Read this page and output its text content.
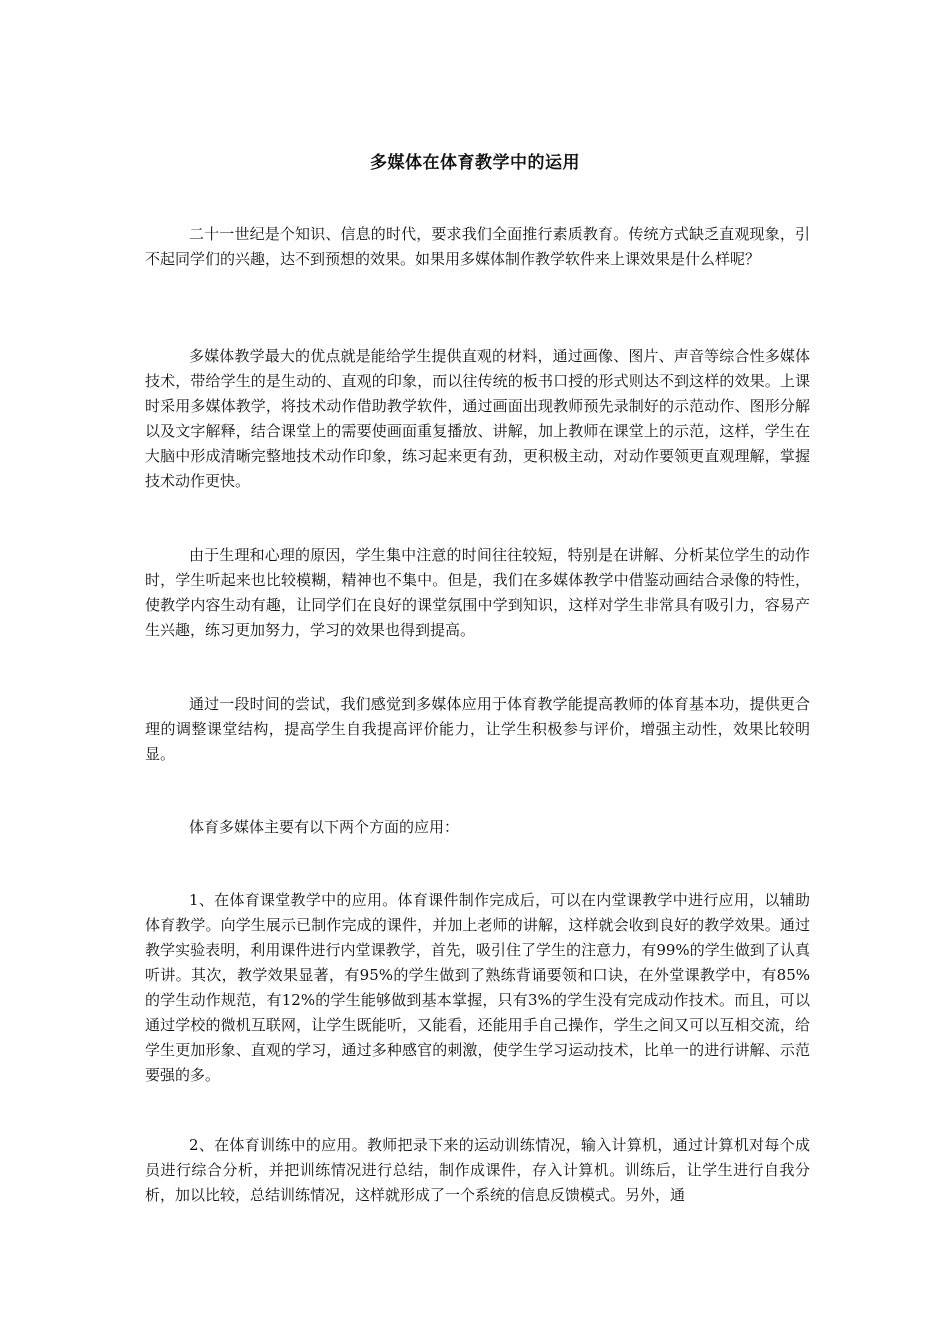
多媒体在体育教学中的运用

二十一世纪是个知识、信息的时代，要求我们全面推行素质教育。传统方式缺乏直观现象，引不起同学们的兴趣，达不到预想的效果。如果用多媒体制作教学软件来上课效果是什么样呢？

多媒体教学最大的优点就是能给学生提供直观的材料，通过画像、图片、声音等综合性多媒体技术，带给学生的是生动的、直观的印象，而以往传统的板书口授的形式则达不到这样的效果。上课时采用多媒体教学，将技术动作借助教学软件，通过画面出现教师预先录制好的示范动作、图形分解以及文字解释，结合课堂上的需要使画面重复播放、讲解，加上教师在课堂上的示范，这样，学生在大脑中形成清晰完整地技术动作印象，练习起来更有劲，更积极主动，对动作要领更直观理解，掌握技术动作更快。

由于生理和心理的原因，学生集中注意的时间往往较短，特别是在讲解、分析某位学生的动作时，学生听起来也比较模糊，精神也不集中。但是，我们在多媒体教学中借鉴动画结合录像的特性，使教学内容生动有趣，让同学们在良好的课堂氛围中学到知识，这样对学生非常具有吸引力，容易产生兴趣，练习更加努力，学习的效果也得到提高。

通过一段时间的尝试，我们感觉到多媒体应用于体育教学能提高教师的体育基本功，提供更合理的调整课堂结构，提高学生自我提高评价能力，让学生积极参与评价，增强主动性，效果比较明显。

体育多媒体主要有以下两个方面的应用：

1、在体育课堂教学中的应用。体育课件制作完成后，可以在内堂课教学中进行应用，以辅助体育教学。向学生展示已制作完成的课件，并加上老师的讲解，这样就会收到良好的教学效果。通过教学实验表明，利用课件进行内堂课教学，首先，吸引住了学生的注意力，有99%的学生做到了认真听讲。其次，教学效果显著，有95%的学生做到了熟练背诵要领和口诀，在外堂课教学中，有85%的学生动作规范，有12%的学生能够做到基本掌握，只有3%的学生没有完成动作技术。而且，可以通过学校的微机互联网，让学生既能听，又能看，还能用手自己操作，学生之间又可以互相交流，给学生更加形象、直观的学习，通过多种感官的刺激，使学生学习运动技术，比单一的进行讲解、示范要强的多。

2、在体育训练中的应用。教师把录下来的运动训练情况，输入计算机，通过计算机对每个成员进行综合分析，并把训练情况进行总结，制作成课件，存入计算机。训练后，让学生进行自我分析，加以比较，总结训练情况，这样就形成了一个系统的信息反馈模式。另外，通
